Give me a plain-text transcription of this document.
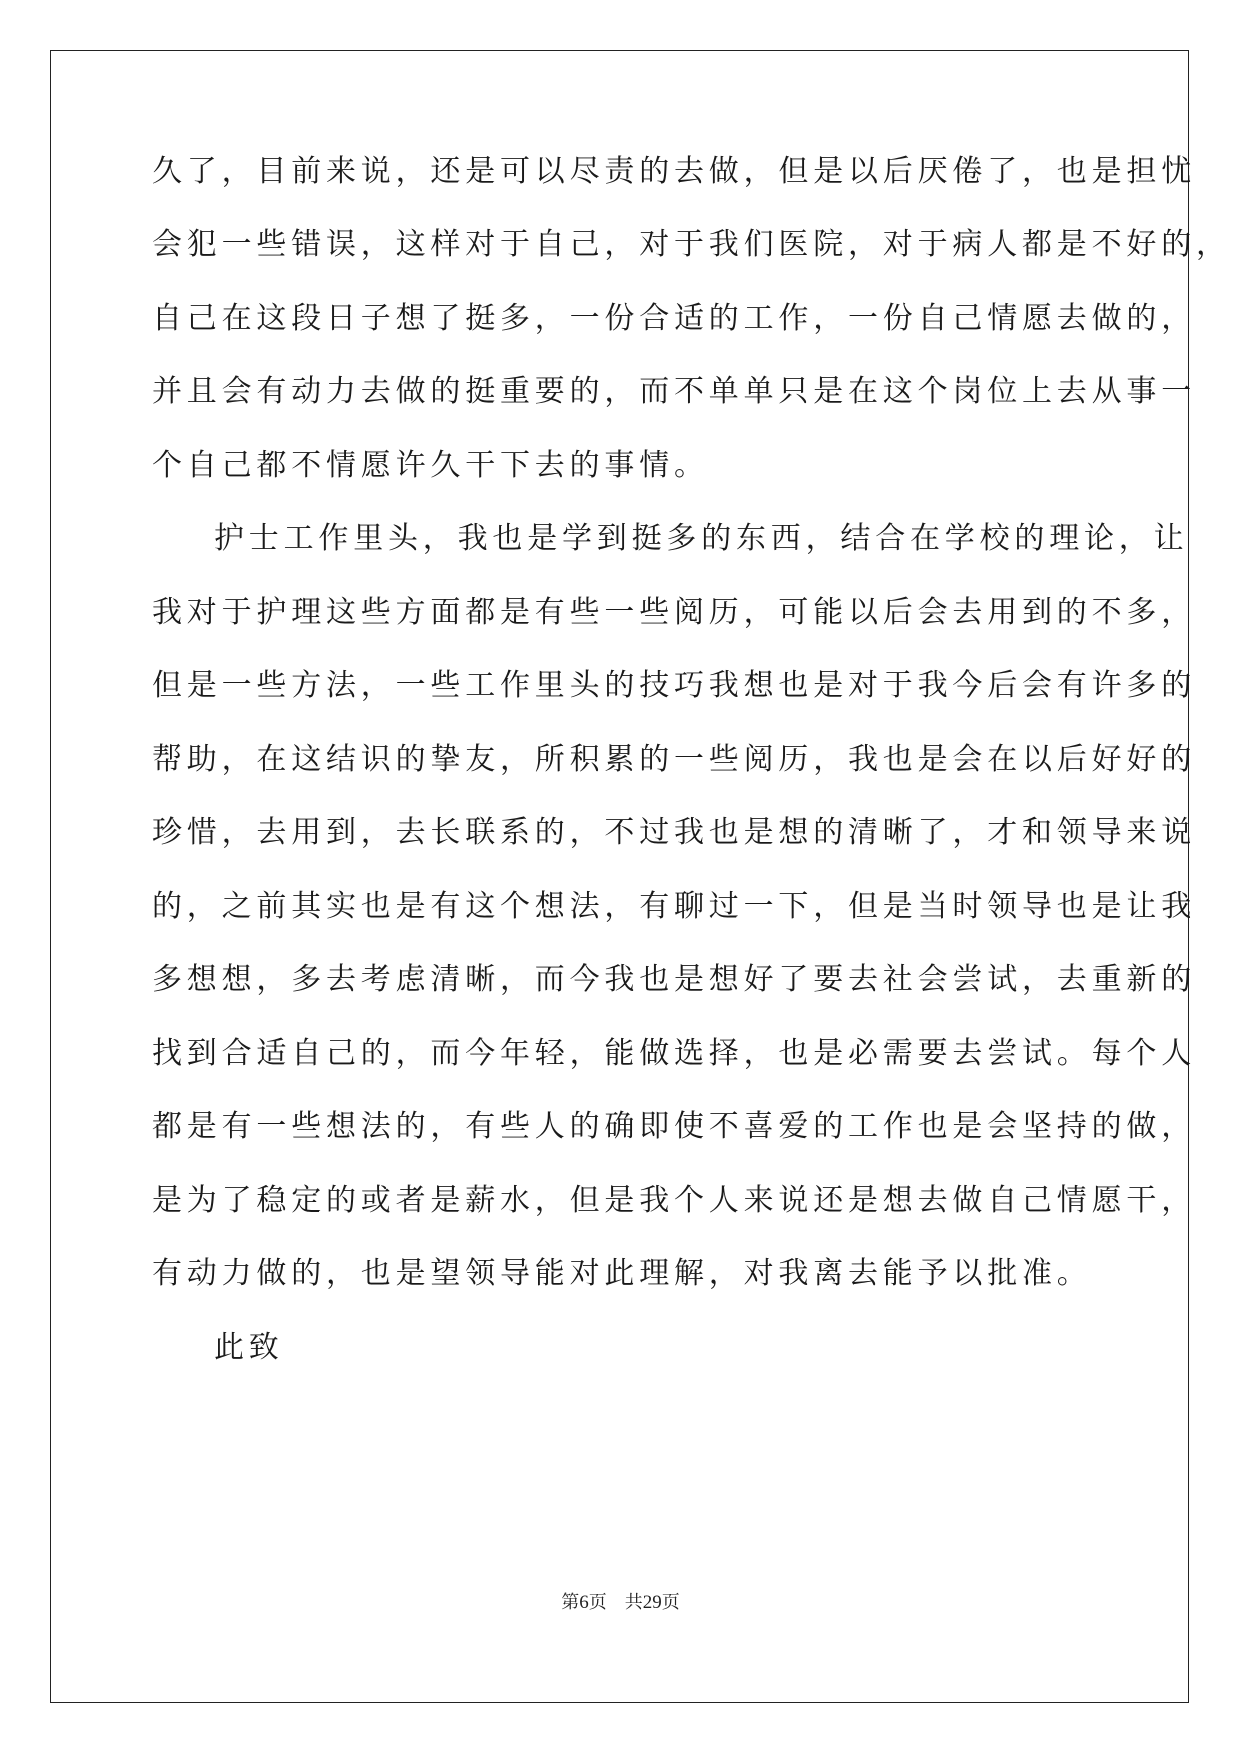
久了，目前来说，还是可以尽责的去做，但是以后厌倦了，也是担忧
会犯一些错误，这样对于自己，对于我们医院，对于病人都是不好的，
自己在这段日子想了挺多，一份合适的工作，一份自己情愿去做的，
并且会有动力去做的挺重要的，而不单单只是在这个岗位上去从事一
个自己都不情愿许久干下去的事情。
护士工作里头，我也是学到挺多的东西，结合在学校的理论，让
我对于护理这些方面都是有些一些阅历，可能以后会去用到的不多，
但是一些方法，一些工作里头的技巧我想也是对于我今后会有许多的
帮助，在这结识的挚友，所积累的一些阅历，我也是会在以后好好的
珍惜，去用到，去长联系的，不过我也是想的清晰了，才和领导来说
的，之前其实也是有这个想法，有聊过一下，但是当时领导也是让我
多想想，多去考虑清晰，而今我也是想好了要去社会尝试，去重新的
找到合适自己的，而今年轻，能做选择，也是必需要去尝试。每个人
都是有一些想法的，有些人的确即使不喜爱的工作也是会坚持的做，
是为了稳定的或者是薪水，但是我个人来说还是想去做自己情愿干，
有动力做的，也是望领导能对此理解，对我离去能予以批准。
此致
第6页　共29页
